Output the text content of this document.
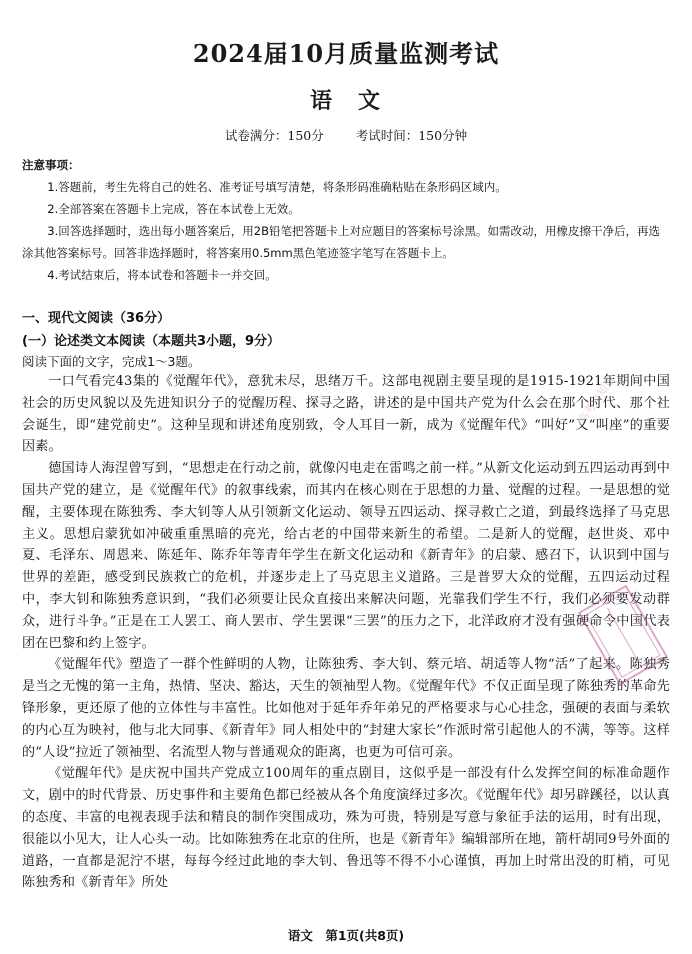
2024届10月质量监测考试
语　文
试卷满分：150分	考试时间：150分钟
注意事项：
1.答题前，考生先将自己的姓名、准考证号填写清楚，将条形码准确粘贴在条形码区域内。
2.全部答案在答题卡上完成，答在本试卷上无效。
3.回答选择题时，选出每小题答案后，用2B铅笔把答题卡上对应题目的答案标号涂黑。如需改动，用橡皮擦干净后，再选涂其他答案标号。回答非选择题时，将答案用0.5mm黑色笔迹签字笔写在答题卡上。
4.考试结束后，将本试卷和答题卡一并交回。
一、现代文阅读（36分）
(一）论述类文本阅读（本题共3小题，9分）
阅读下面的文字，完成1～3题。

一口气看完43集的《觉醒年代》，意犹未尽，思绪万千。这部电视剧主要呈现的是1915-1921年期间中国社会的历史风貌以及先进知识分子的觉醒历程、探寻之路，讲述的是中国共产党为什么会在那个时代、那个社会诞生，即“建党前史”。这种呈现和讲述角度别致，令人耳目一新，成为《觉醒年代》“叫好”又“叫座”的重要因素。

德国诗人海涅曾写到，“思想走在行动之前，就像闪电走在雷鸣之前一样。”从新文化运动到五四运动再到中国共产党的建立，是《觉醒年代》的叙事线索，而其内在核心则在于思想的力量、觉醒的过程。一是思想的觉醒，主要体现在陈独秀、李大钊等人从引领新文化运动、领导五四运动、探寻救亡之道，到最终选择了马克思主义。思想启蒙犹如冲破重重黑暗的亮光，给古老的中国带来新生的希望。二是新人的觉醒，赵世炎、邓中夏、毛泽东、周恩来、陈延年、陈乔年等青年学生在新文化运动和《新青年》的启蒙、感召下，认识到中国与世界的差距，感受到民族救亡的危机，并逐步走上了马克思主义道路。三是普罗大众的觉醒，五四运动过程中，李大钊和陈独秀意识到，“我们必须要让民众直接出来解决问题，光靠我们学生不行，我们必须要发动群众，进行斗争。”正是在工人罢工、商人罢市、学生罢课“三罢”的压力之下，北洋政府才没有强硬命令中国代表团在巴黎和约上签字。

《觉醒年代》塑造了一群个性鲜明的人物，让陈独秀、李大钊、蔡元培、胡适等人物“活”了起来。陈独秀是当之无愧的第一主角，热情、坚决、豁达，天生的领袖型人物。《觉醒年代》不仅正面呈现了陈独秀的革命先锋形象，更还原了他的立体性与丰富性。比如他对于延年乔年弟兄的严格要求与心心挂念，强硬的表面与柔软的内心互为映衬，他与北大同事、《新青年》同人相处中的“封建大家长”作派时常引起他人的不满，等等。这样的“人设”拉近了领袖型、名流型人物与普通观众的距离，也更为可信可亲。

《觉醒年代》是庆祝中国共产党成立100周年的重点剧目，这似乎是一部没有什么发挥空间的标准命题作文，剧中的时代背景、历史事件和主要角色都已经被从各个角度演绎过多次。《觉醒年代》却另辟蹊径，以认真的态度、丰富的电视表现手法和精良的制作突围成功，殊为可贵，特别是写意与象征手法的运用，时有出现，很能以小见大，让人心头一动。比如陈独秀在北京的住所，也是《新青年》编辑部所在地，箭杆胡同9号外面的道路，一直都是泥泞不堪，每每今经过此地的李大钊、鲁迅等不得不小心谨慎，再加上时常出没的盯梢，可见陈独秀和《新青年》所处

高考早知道
语文　第1页(共8页)
